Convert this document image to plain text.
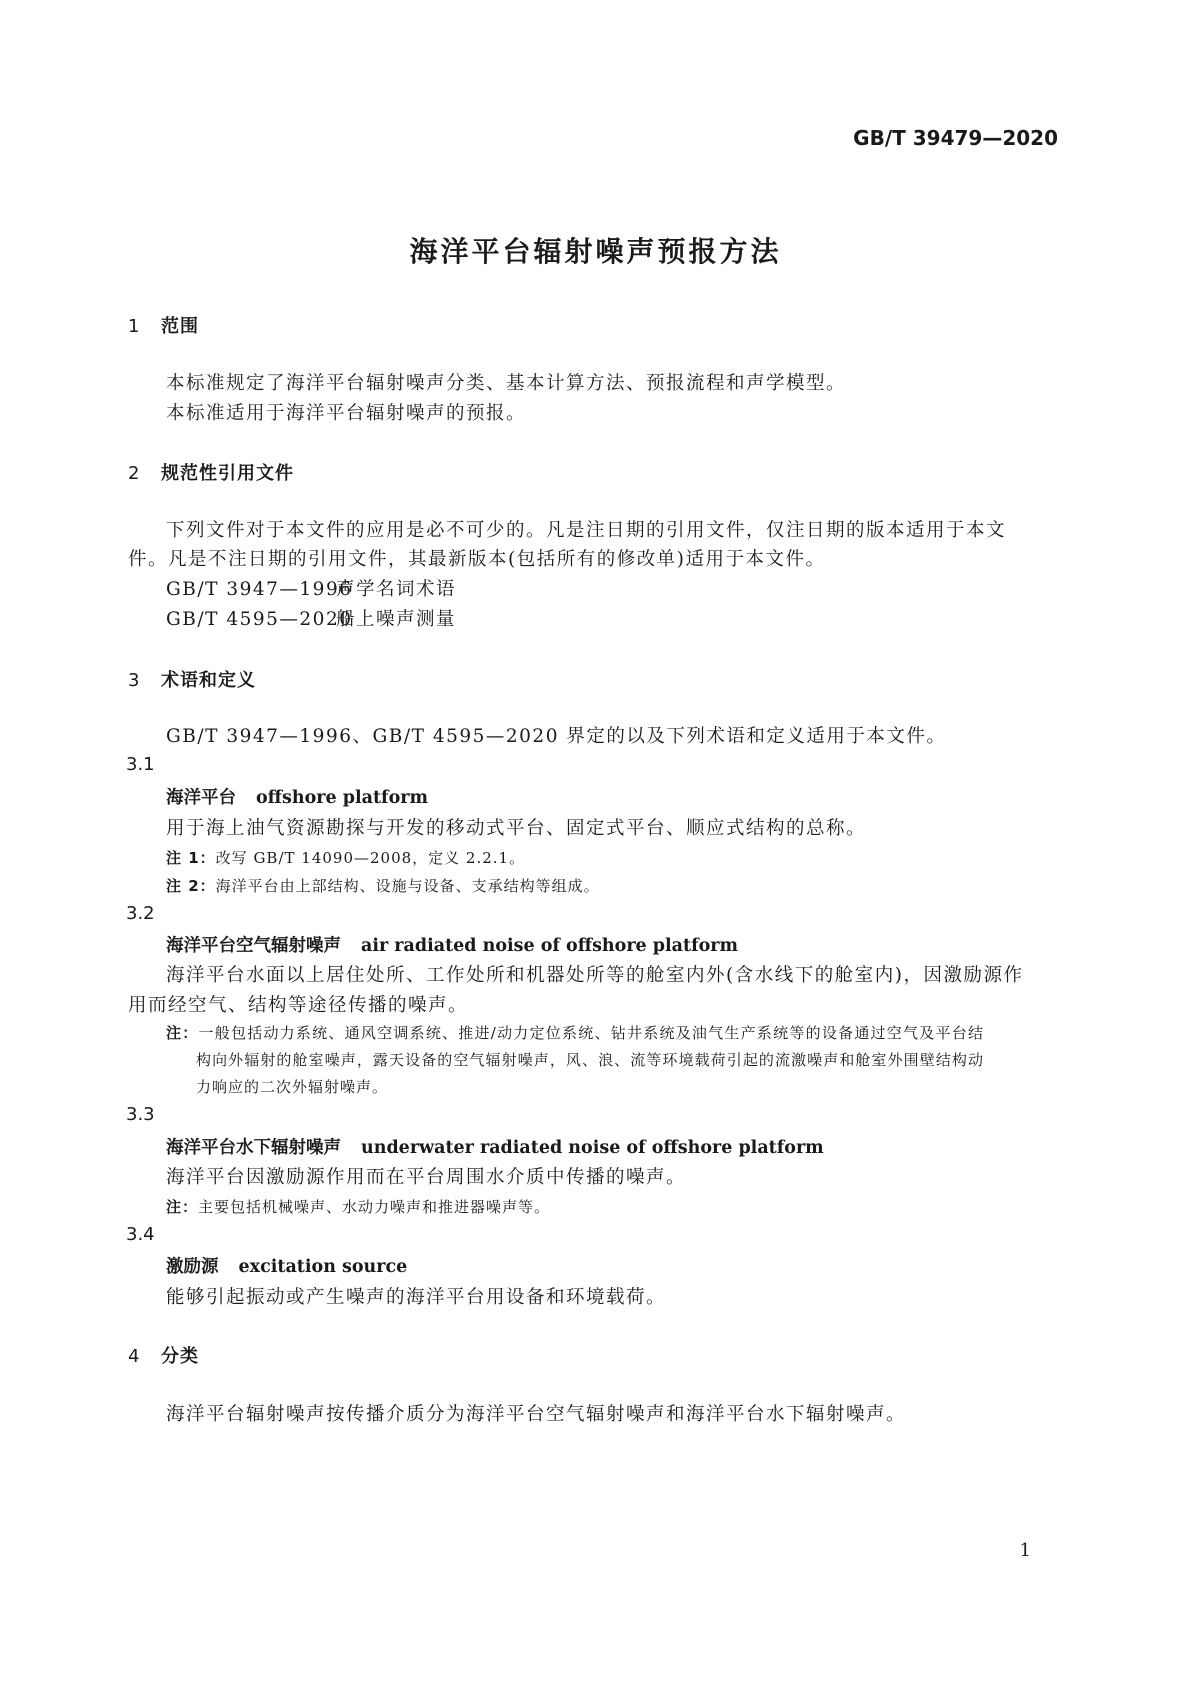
GB/T 39479—2020
海洋平台辐射噪声预报方法
1 范围
本标准规定了海洋平台辐射噪声分类、基本计算方法、预报流程和声学模型。
本标准适用于海洋平台辐射噪声的预报。
2 规范性引用文件
下列文件对于本文件的应用是必不可少的。凡是注日期的引用文件，仅注日期的版本适用于本文
件。凡是不注日期的引用文件，其最新版本(包括所有的修改单)适用于本文件。
GB/T 3947—1996声学名词术语
GB/T 4595—2020船上噪声测量
3 术语和定义
GB/T 3947—1996、GB/T 4595—2020 界定的以及下列术语和定义适用于本文件。
3.1
海洋平台 offshore platform
用于海上油气资源勘探与开发的移动式平台、固定式平台、顺应式结构的总称。
注 1：改写 GB/T 14090—2008，定义 2.2.1。
注 2：海洋平台由上部结构、设施与设备、支承结构等组成。
3.2
海洋平台空气辐射噪声 air radiated noise of offshore platform
海洋平台水面以上居住处所、工作处所和机器处所等的舱室内外(含水线下的舱室内)，因激励源作
用而经空气、结构等途径传播的噪声。
注：一般包括动力系统、通风空调系统、推进/动力定位系统、钻井系统及油气生产系统等的设备通过空气及平台结
构向外辐射的舱室噪声，露天设备的空气辐射噪声，风、浪、流等环境载荷引起的流激噪声和舱室外围壁结构动
力响应的二次外辐射噪声。
3.3
海洋平台水下辐射噪声 underwater radiated noise of offshore platform
海洋平台因激励源作用而在平台周围水介质中传播的噪声。
注：主要包括机械噪声、水动力噪声和推进器噪声等。
3.4
激励源 excitation source
能够引起振动或产生噪声的海洋平台用设备和环境载荷。
4 分类
海洋平台辐射噪声按传播介质分为海洋平台空气辐射噪声和海洋平台水下辐射噪声。
1
